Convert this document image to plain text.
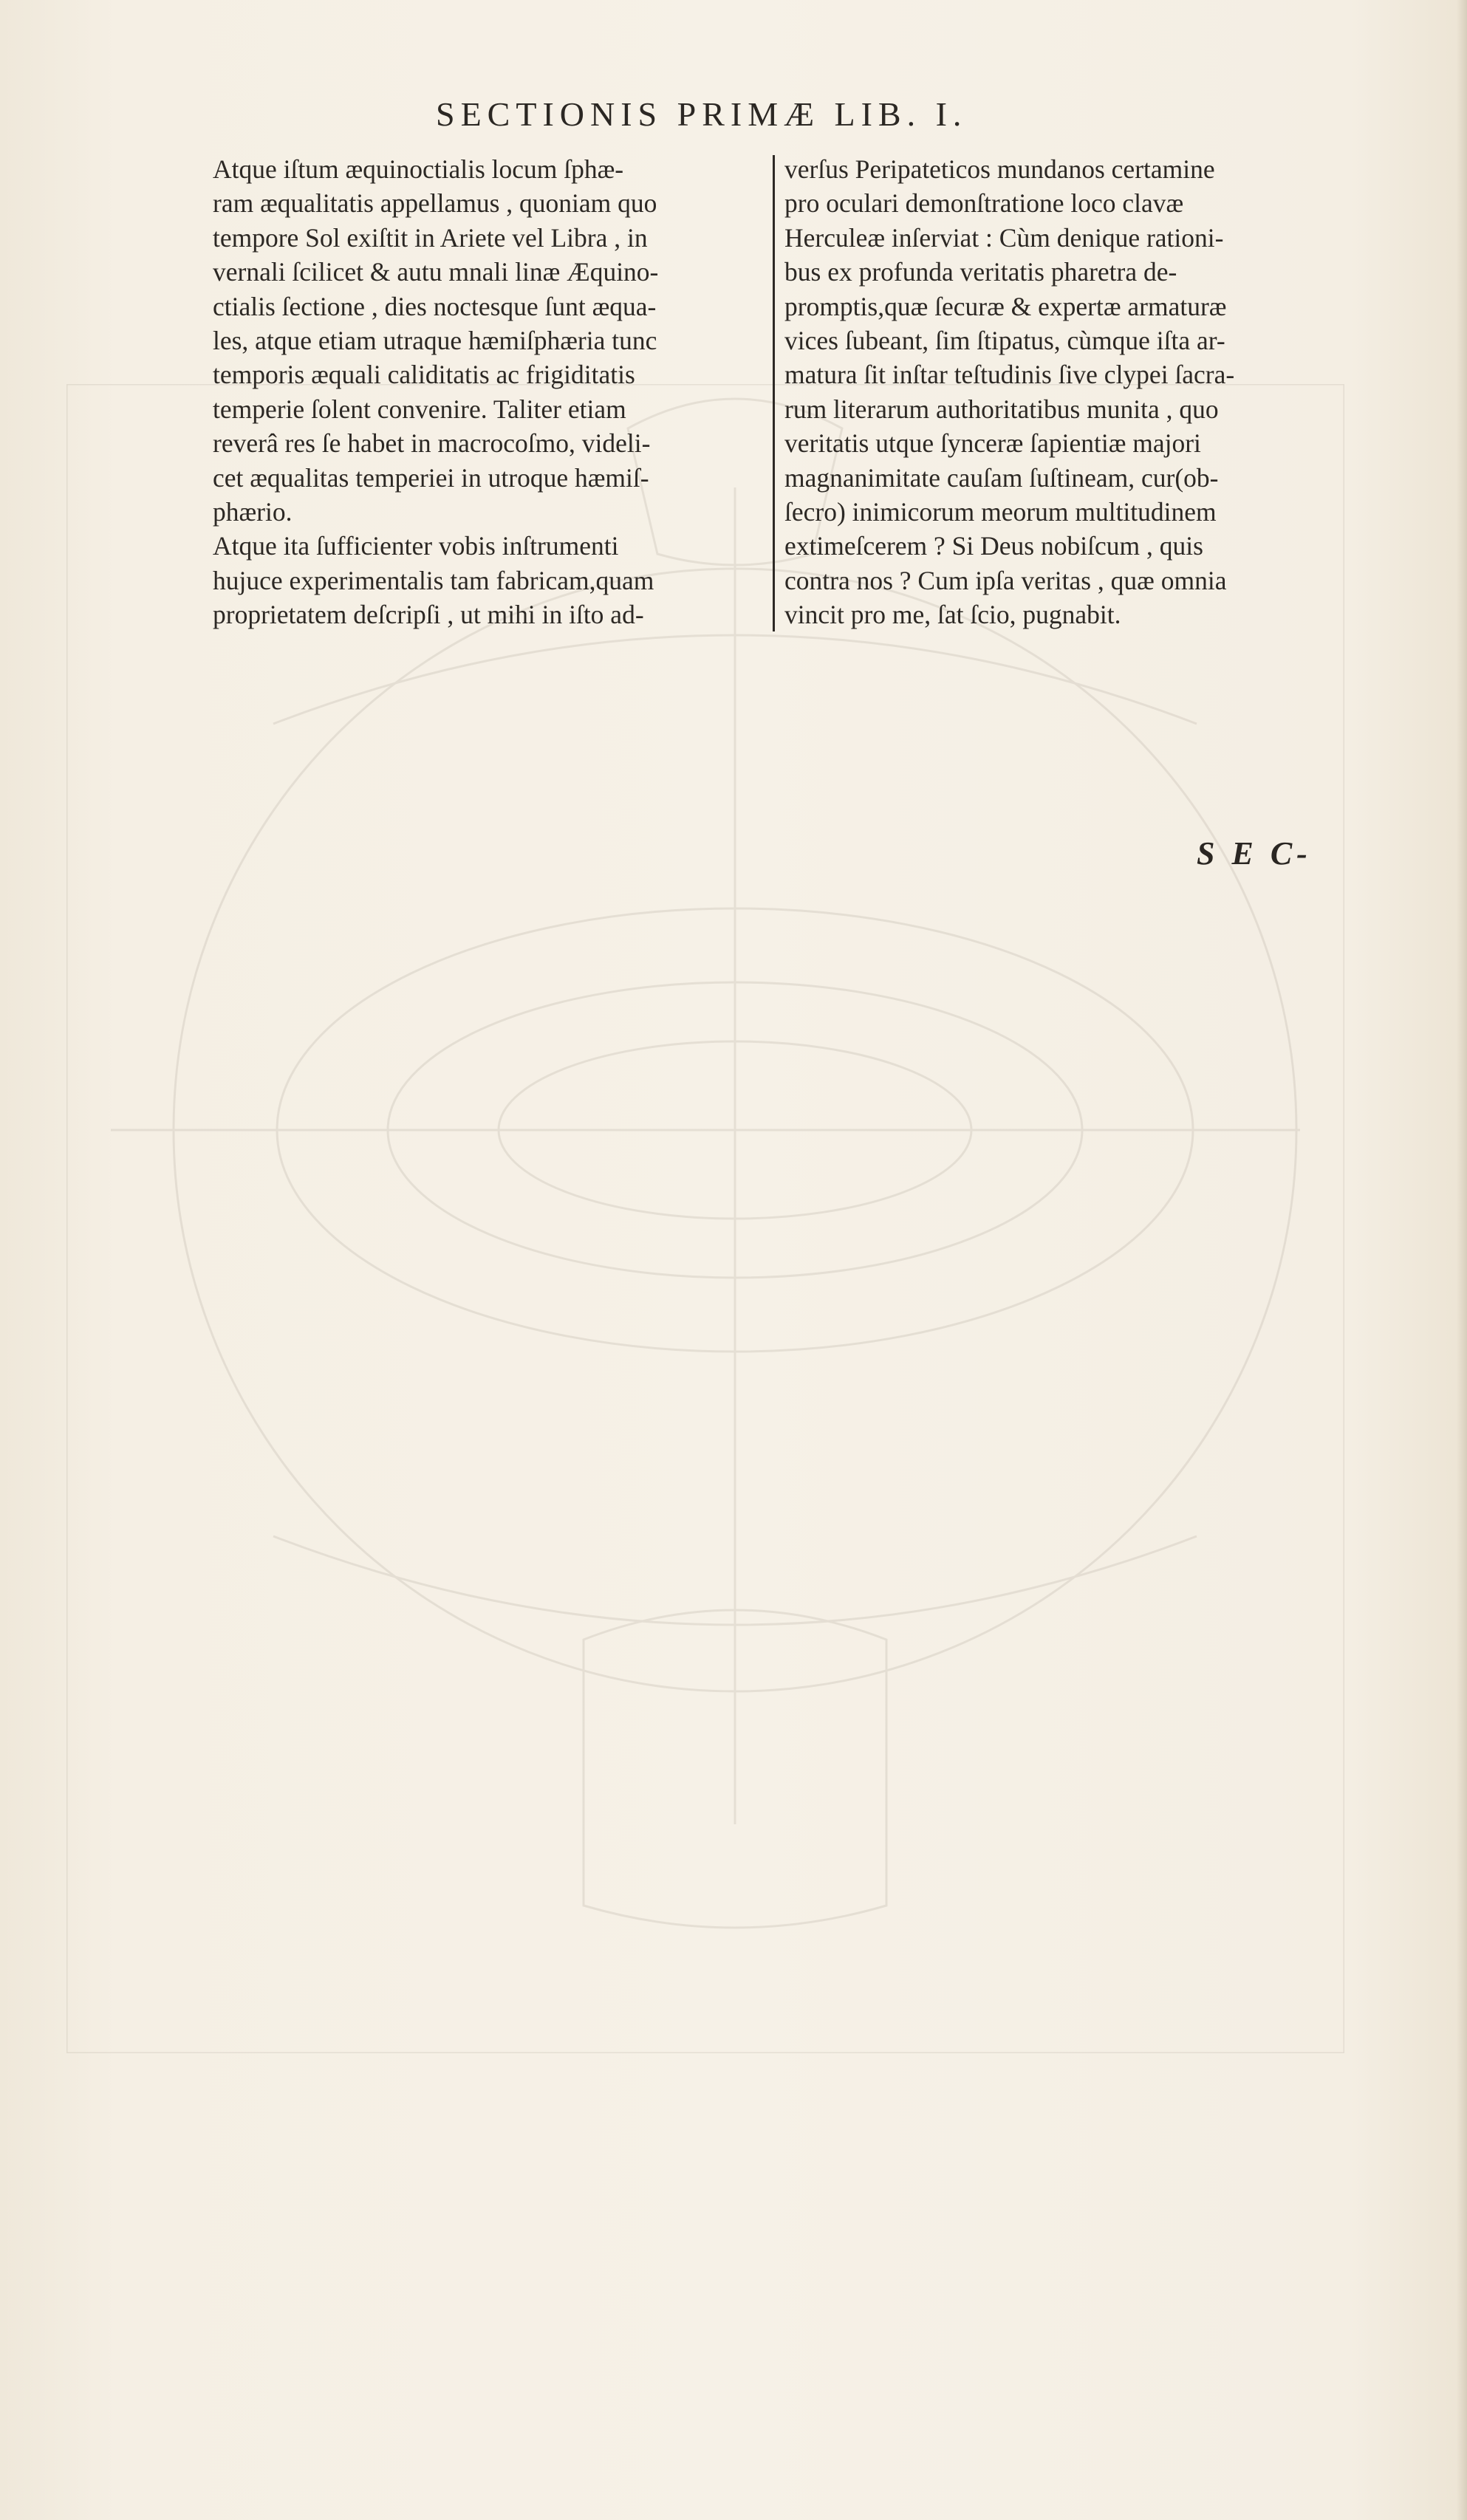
SECTIONIS PRIMÆ LIB. I.

Atque iſtum æquinoctialis locum ſphæ-

ram æqualitatis appellamus , quoniam quo

tempore Sol exiſtit in Ariete vel Libra , in

vernali ſcilicet & autu mnali linæ Æquino-

ctialis ſectione , dies noctesque ſunt æqua-

les, atque etiam utraque hæmiſphæria tunc

temporis æquali caliditatis ac frigiditatis

temperie ſolent convenire. Taliter etiam

reverâ res ſe habet in macrocoſmo, videli-

cet æqualitas temperiei in utroque hæmiſ-

phærio.

Atque ita ſufficienter vobis inſtrumenti

hujuce experimentalis tam fabricam,quam

proprietatem deſcripſi , ut mihi in iſto ad-

verſus Peripateticos mundanos certamine

pro oculari demonſtratione loco clavæ

Herculeæ inſerviat : Cùm denique rationi-

bus ex profunda veritatis pharetra de-

promptis,quæ ſecuræ & expertæ armaturæ

vices ſubeant, ſim ſtipatus, cùmque iſta ar-

matura ſit inſtar teſtudinis ſive clypei ſacra-

rum literarum authoritatibus munita , quo

veritatis utque ſynceræ ſapientiæ majori

magnanimitate cauſam ſuſtineam, cur(ob-

ſecro) inimicorum meorum multitudinem

extimeſcerem ? Si Deus nobiſcum , quis

contra nos ? Cum ipſa veritas , quæ omnia

vincit pro me, ſat ſcio, pugnabit.

S E C-
